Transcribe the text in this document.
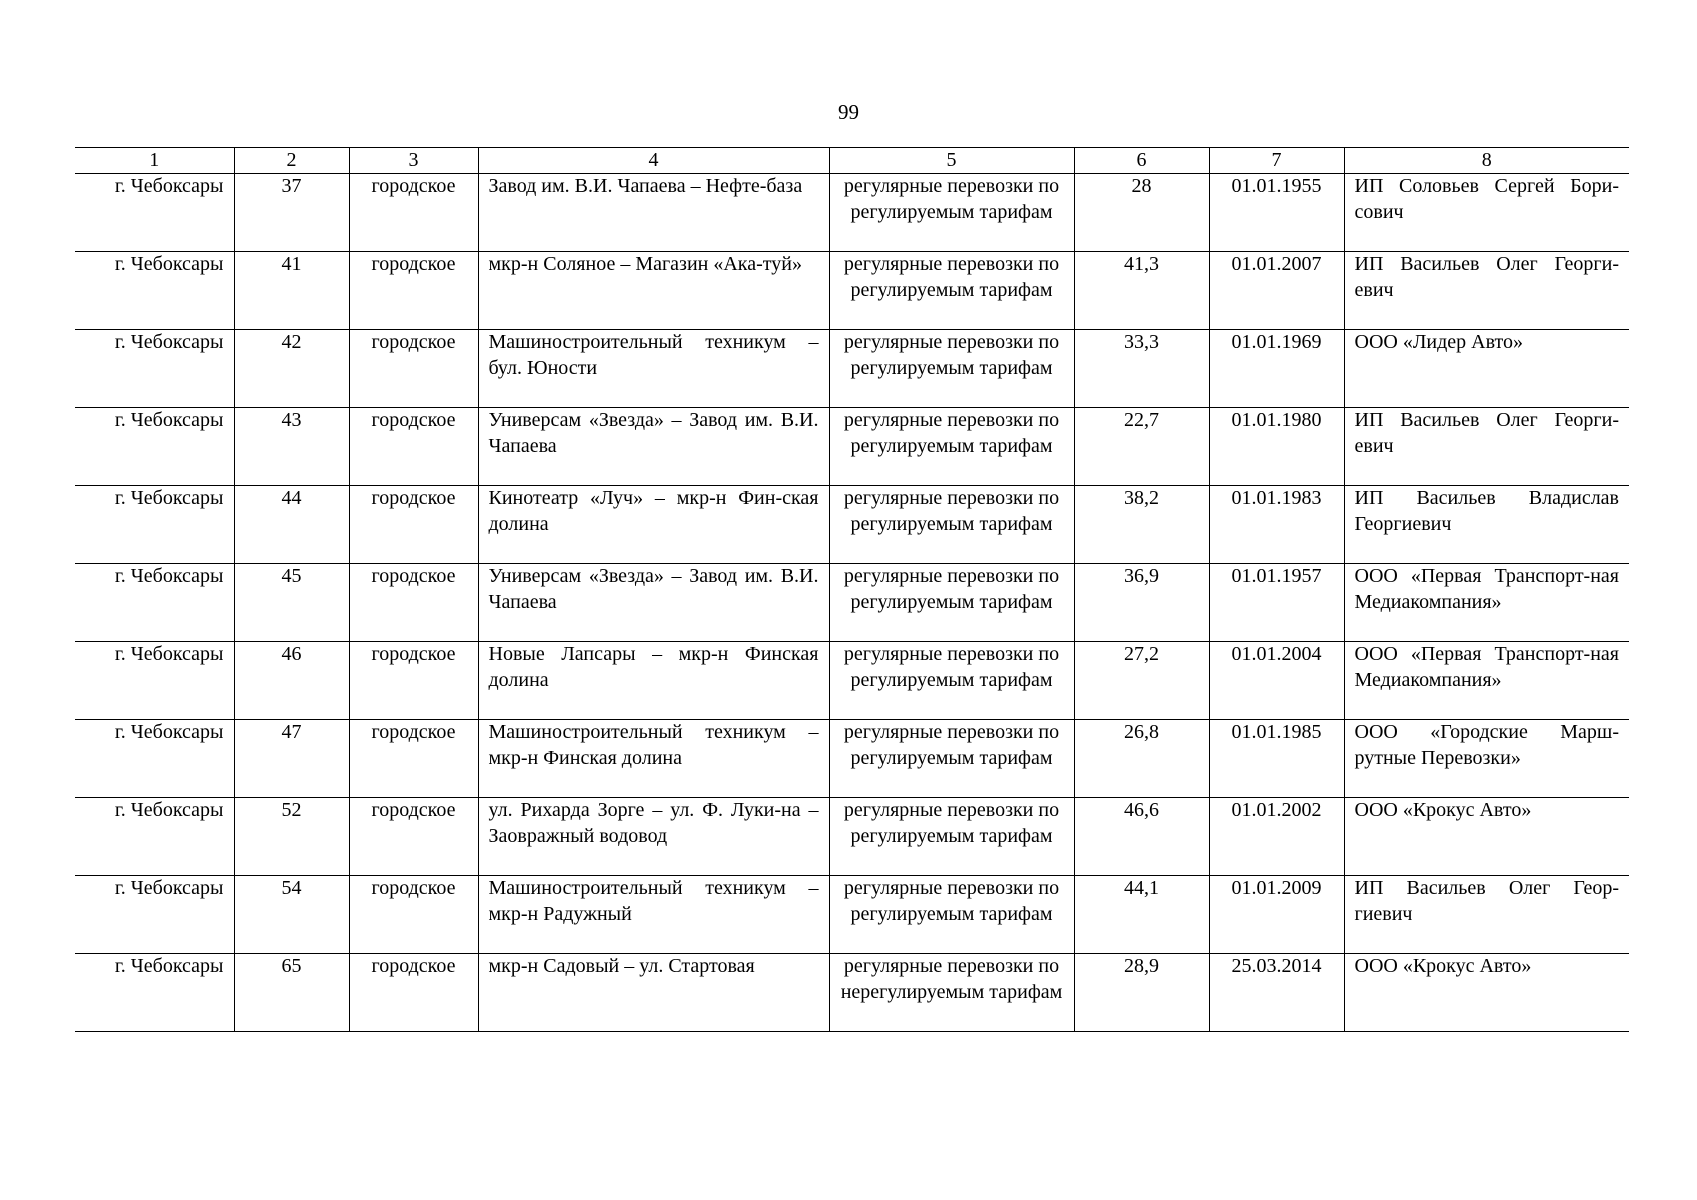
99
1	2	3	4	5	6	7	8
г. Чебоксары	37	городское	Завод им. В.И. Чапаева – Нефте-база	регулярные перевозки по регулируемым тарифам	28	01.01.1955	ИП Соловьев Сергей Бори-сович
г. Чебоксары	41	городское	мкр-н Соляное – Магазин «Ака-туй»	регулярные перевозки по регулируемым тарифам	41,3	01.01.2007	ИП Васильев Олег Георги-евич
г. Чебоксары	42	городское	Машиностроительный техникум – бул. Юности	регулярные перевозки по регулируемым тарифам	33,3	01.01.1969	ООО «Лидер Авто»
г. Чебоксары	43	городское	Универсам «Звезда» – Завод им. В.И. Чапаева	регулярные перевозки по регулируемым тарифам	22,7	01.01.1980	ИП Васильев Олег Георги-евич
г. Чебоксары	44	городское	Кинотеатр «Луч» – мкр-н Фин-ская долина	регулярные перевозки по регулируемым тарифам	38,2	01.01.1983	ИП Васильев Владислав Георгиевич
г. Чебоксары	45	городское	Универсам «Звезда» – Завод им. В.И. Чапаева	регулярные перевозки по регулируемым тарифам	36,9	01.01.1957	ООО «Первая Транспорт-ная Медиакомпания»
г. Чебоксары	46	городское	Новые Лапсары – мкр-н Финская долина	регулярные перевозки по регулируемым тарифам	27,2	01.01.2004	ООО «Первая Транспорт-ная Медиакомпания»
г. Чебоксары	47	городское	Машиностроительный техникум – мкр-н Финская долина	регулярные перевозки по регулируемым тарифам	26,8	01.01.1985	ООО «Городские Марш-рутные Перевозки»
г. Чебоксары	52	городское	ул. Рихарда Зорге – ул. Ф. Луки-на – Заовражный водовод	регулярные перевозки по регулируемым тарифам	46,6	01.01.2002	ООО «Крокус Авто»
г. Чебоксары	54	городское	Машиностроительный техникум – мкр-н Радужный	регулярные перевозки по регулируемым тарифам	44,1	01.01.2009	ИП Васильев Олег Геор-гиевич
г. Чебоксары	65	городское	мкр-н Садовый – ул. Стартовая	регулярные перевозки по нерегулируемым тарифам	28,9	25.03.2014	ООО «Крокус Авто»
